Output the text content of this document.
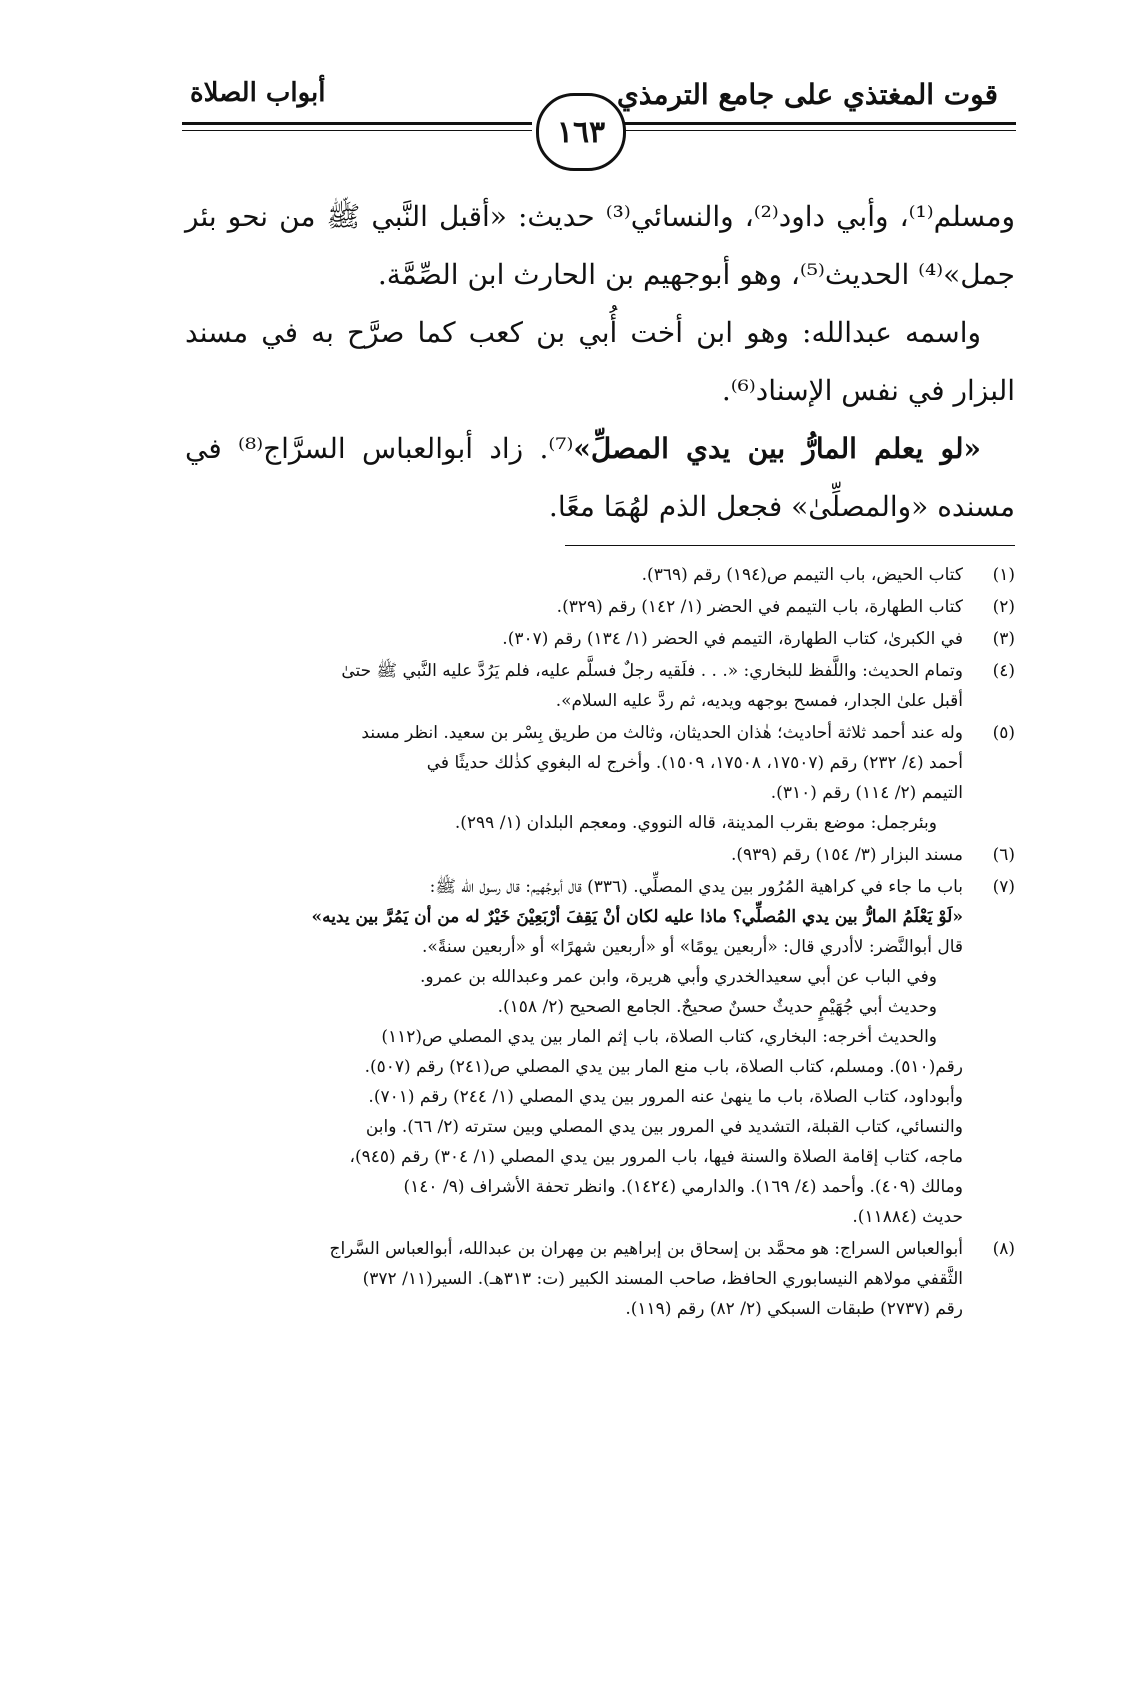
قوت المغتذي على جامع الترمذي
أبواب الصلاة
١٦٣

ومسلم⁽¹⁾، وأبي داود⁽²⁾، والنسائي⁽³⁾ حديث: «أقبل النَّبي ﷺ من نحو بئر جمل»⁽⁴⁾ الحديث⁽⁵⁾، وهو أبوجهيم بن الحارث ابن الصِّمَّة.

واسمه عبدالله: وهو ابن أخت أُبي بن كعب كما صرَّح به في مسند البزار في نفس الإسناد⁽⁶⁾.

«لو يعلم المارُّ بين يدي المصلِّ»⁽⁷⁾. زاد أبوالعباس السرَّاج⁽⁸⁾ في مسنده «والمصلِّىٰ» فجعل الذم لهُمَا معًا.

(١)
كتاب الحيض، باب التيمم ص(١٩٤) رقم (٣٦٩).
(٢)
كتاب الطهارة، باب التيمم في الحضر (١/ ١٤٢) رقم (٣٢٩).
(٣)
في الكبرىٰ، كتاب الطهارة، التيمم في الحضر (١/ ١٣٤) رقم (٣٠٧).
(٤)
وتمام الحديث: واللَّفظ للبخاري: «. . . فلَقيه رجلٌ فسلَّم عليه، فلم يَرُدَّ عليه النَّبي ﷺ حتىٰ
أقبل علىٰ الجدار، فمسح بوجهه ويديه، ثم ردَّ عليه السلام».
(٥)
وله عند أحمد ثلاثة أحاديث؛ هٰذان الحديثان، وثالث من طريق بِسْر بن سعيد. انظر مسند
أحمد (٤/ ٢٣٢) رقم (١٧٥٠٧، ١٧٥٠٨، ١٥٠٩). وأخرج له البغوي كذٰلك حديثًا في
التيمم (٢/ ١١٤) رقم (٣١٠).
وبئرجمل: موضع بقرب المدينة، قاله النووي. ومعجم البلدان (١/ ٢٩٩).
(٦)
مسند البزار (٣/ ١٥٤) رقم (٩٣٩).
(٧)
باب ما جاء في كراهية المُرُور بين يدي المصلِّي. (٣٣٦) قال أبوجُهيم: قال رسول الله ﷺ:
«لَوْ يَعْلَمُ المارُّ بين يدي المُصلِّي؟ ماذا عليه لكان أنْ يَقِفَ أرْبَعِيْنَ خَيْرٌ له من أن يَمُرَّ بين يديه»
قال أبوالنَّضر: لاأدري قال: «أربعين يومًا» أو «أربعين شهرًا» أو «أربعين سنةً».
وفي الباب عن أبي سعيدالخدري وأبي هريرة، وابن عمر وعبدالله بن عمرو.
وحديث أبي جُهَيْمٍ حديثٌ حسنٌ صحيحٌ. الجامع الصحيح (٢/ ١٥٨).
والحديث أخرجه: البخاري، كتاب الصلاة، باب إثم المار بين يدي المصلي ص(١١٢)
رقم(٥١٠). ومسلم، كتاب الصلاة، باب منع المار بين يدي المصلي ص(٢٤١) رقم (٥٠٧).
وأبوداود، كتاب الصلاة، باب ما ينهىٰ عنه المرور بين يدي المصلي (١/ ٢٤٤) رقم (٧٠١).
والنسائي، كتاب القبلة، التشديد في المرور بين يدي المصلي وبين سترته (٢/ ٦٦). وابن
ماجه، كتاب إقامة الصلاة والسنة فيها، باب المرور بين يدي المصلي (١/ ٣٠٤) رقم (٩٤٥)،
ومالك (٤٠٩). وأحمد (٤/ ١٦٩). والدارمي (١٤٢٤). وانظر تحفة الأشراف (٩/ ١٤٠)
حديث (١١٨٨٤).
(٨)
أبوالعباس السراج: هو محمَّد بن إسحاق بن إبراهيم بن مِهران بن عبدالله، أبوالعباس السَّراج
الثَّقفي مولاهم النيسابوري الحافظ، صاحب المسند الكبير (ت: ٣١٣هـ). السير(١١/ ٣٧٢)
رقم (٢٧٣٧) طبقات السبكي (٢/ ٨٢) رقم (١١٩).
